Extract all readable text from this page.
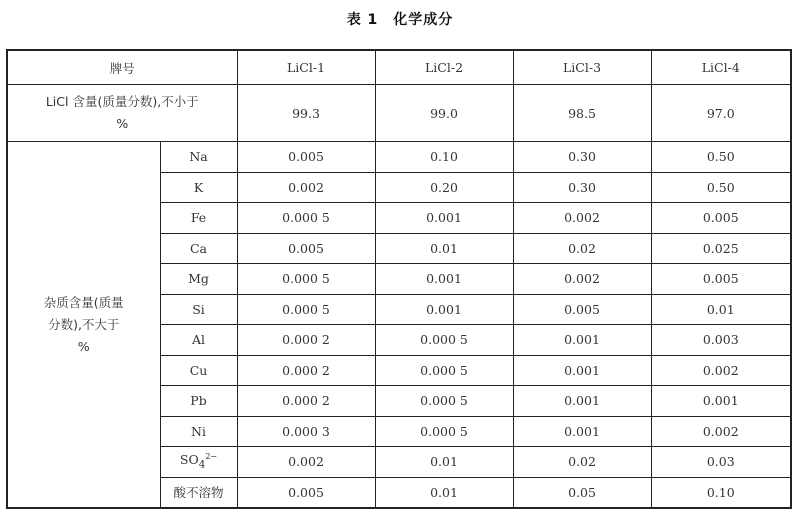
表 1　化学成分
牌号		LiCl-1	LiCl-2	LiCl-3	LiCl-4

LiCl 含量(质量分数),不小于
%		99.3	99.0	98.5	97.0

杂质含量(质量
分数),不大于
%	Na	0.005	0.10	0.30	0.50
	K	0.002	0.20	0.30	0.50
	Fe	0.000 5	0.001	0.002	0.005
	Ca	0.005	0.01	0.02	0.025
	Mg	0.000 5	0.001	0.002	0.005
	Si	0.000 5	0.001	0.005	0.01
	Al	0.000 2	0.000 5	0.001	0.003
	Cu	0.000 2	0.000 5	0.001	0.002
	Pb	0.000 2	0.000 5	0.001	0.001
	Ni	0.000 3	0.000 5	0.001	0.002
	$SO_4^{2-}$	0.002	0.01	0.02	0.03
	酸不溶物	0.005	0.01	0.05	0.10
